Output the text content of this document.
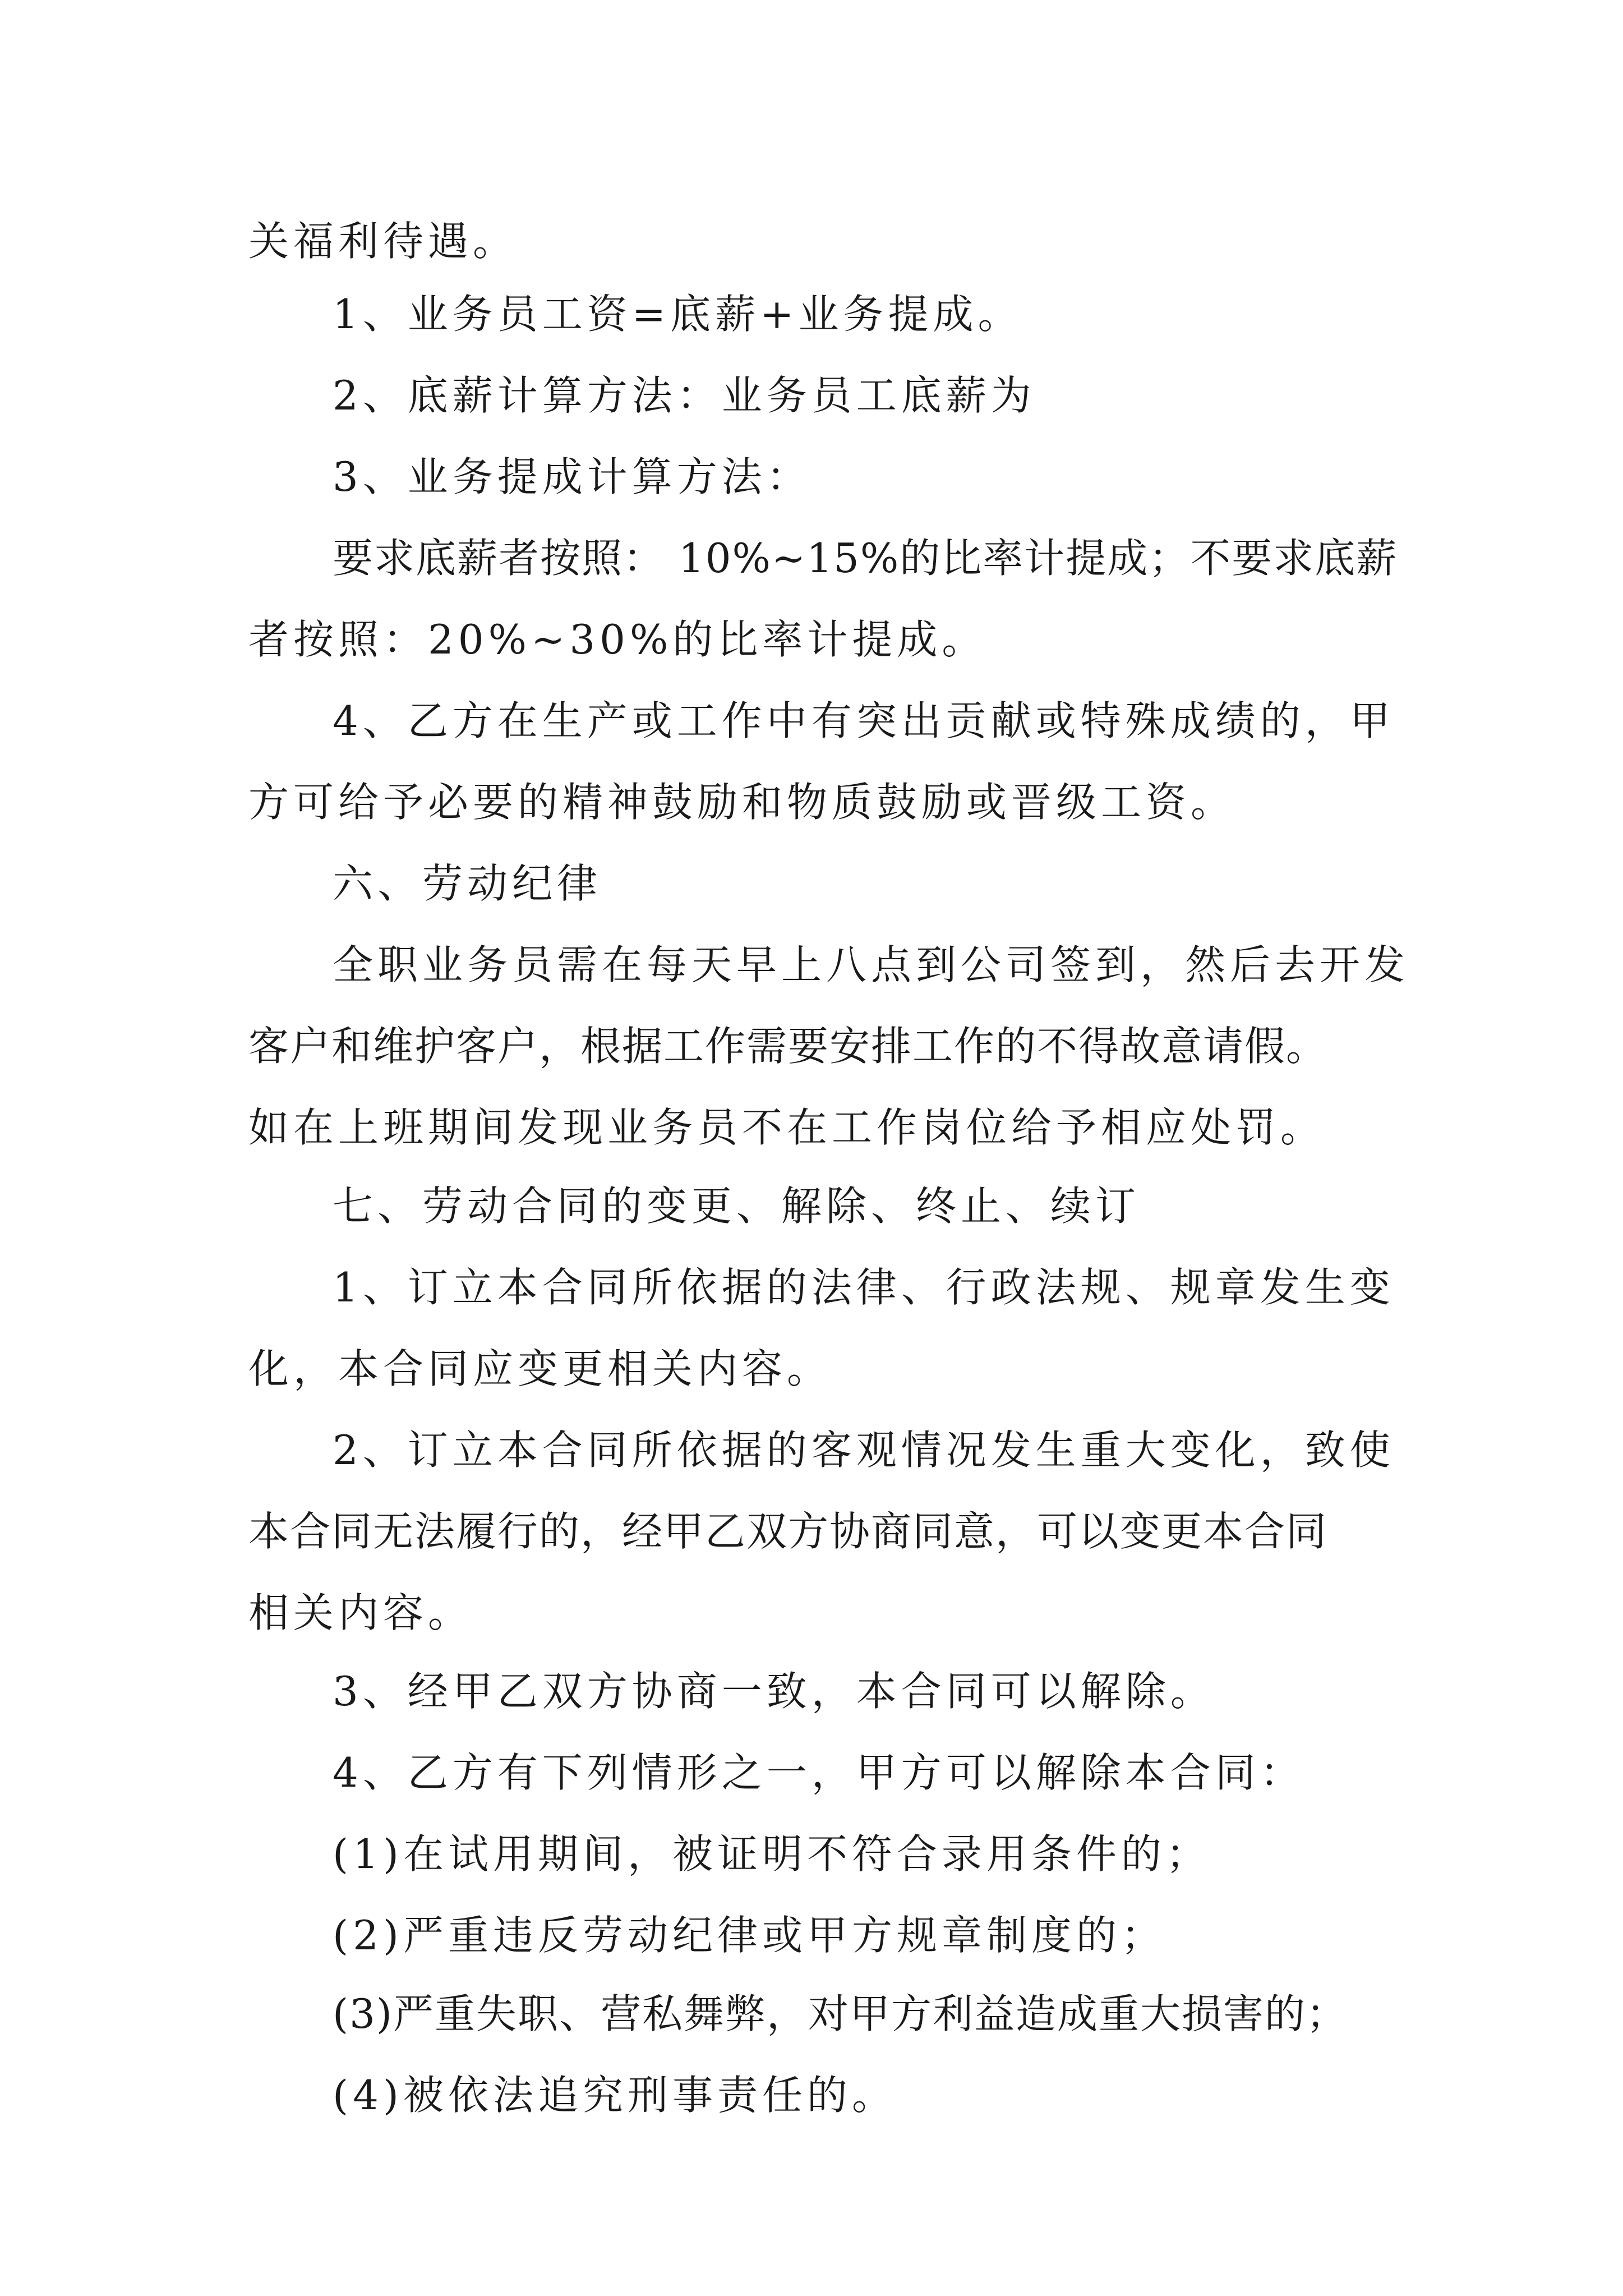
关福利待遇。
1、业务员工资=底薪+业务提成。
2、底薪计算方法：业务员工底薪为
3、业务提成计算方法：
要求底薪者按照： 10%~15%的比率计提成；不要求底薪
者按照：20%~30%的比率计提成。
4、乙方在生产或工作中有突出贡献或特殊成绩的，甲
方可给予必要的精神鼓励和物质鼓励或晋级工资。
六、劳动纪律
全职业务员需在每天早上八点到公司签到，然后去开发
客户和维护客户，根据工作需要安排工作的不得故意请假。
如在上班期间发现业务员不在工作岗位给予相应处罚。
七、劳动合同的变更、解除、终止、续订
1、订立本合同所依据的法律、行政法规、规章发生变
化，本合同应变更相关内容。
2、订立本合同所依据的客观情况发生重大变化，致使
本合同无法履行的，经甲乙双方协商同意，可以变更本合同
相关内容。
3、经甲乙双方协商一致，本合同可以解除。
4、乙方有下列情形之一，甲方可以解除本合同：
(1)在试用期间，被证明不符合录用条件的；
(2)严重违反劳动纪律或甲方规章制度的；
(3)严重失职、营私舞弊，对甲方利益造成重大损害的；
(4)被依法追究刑事责任的。
